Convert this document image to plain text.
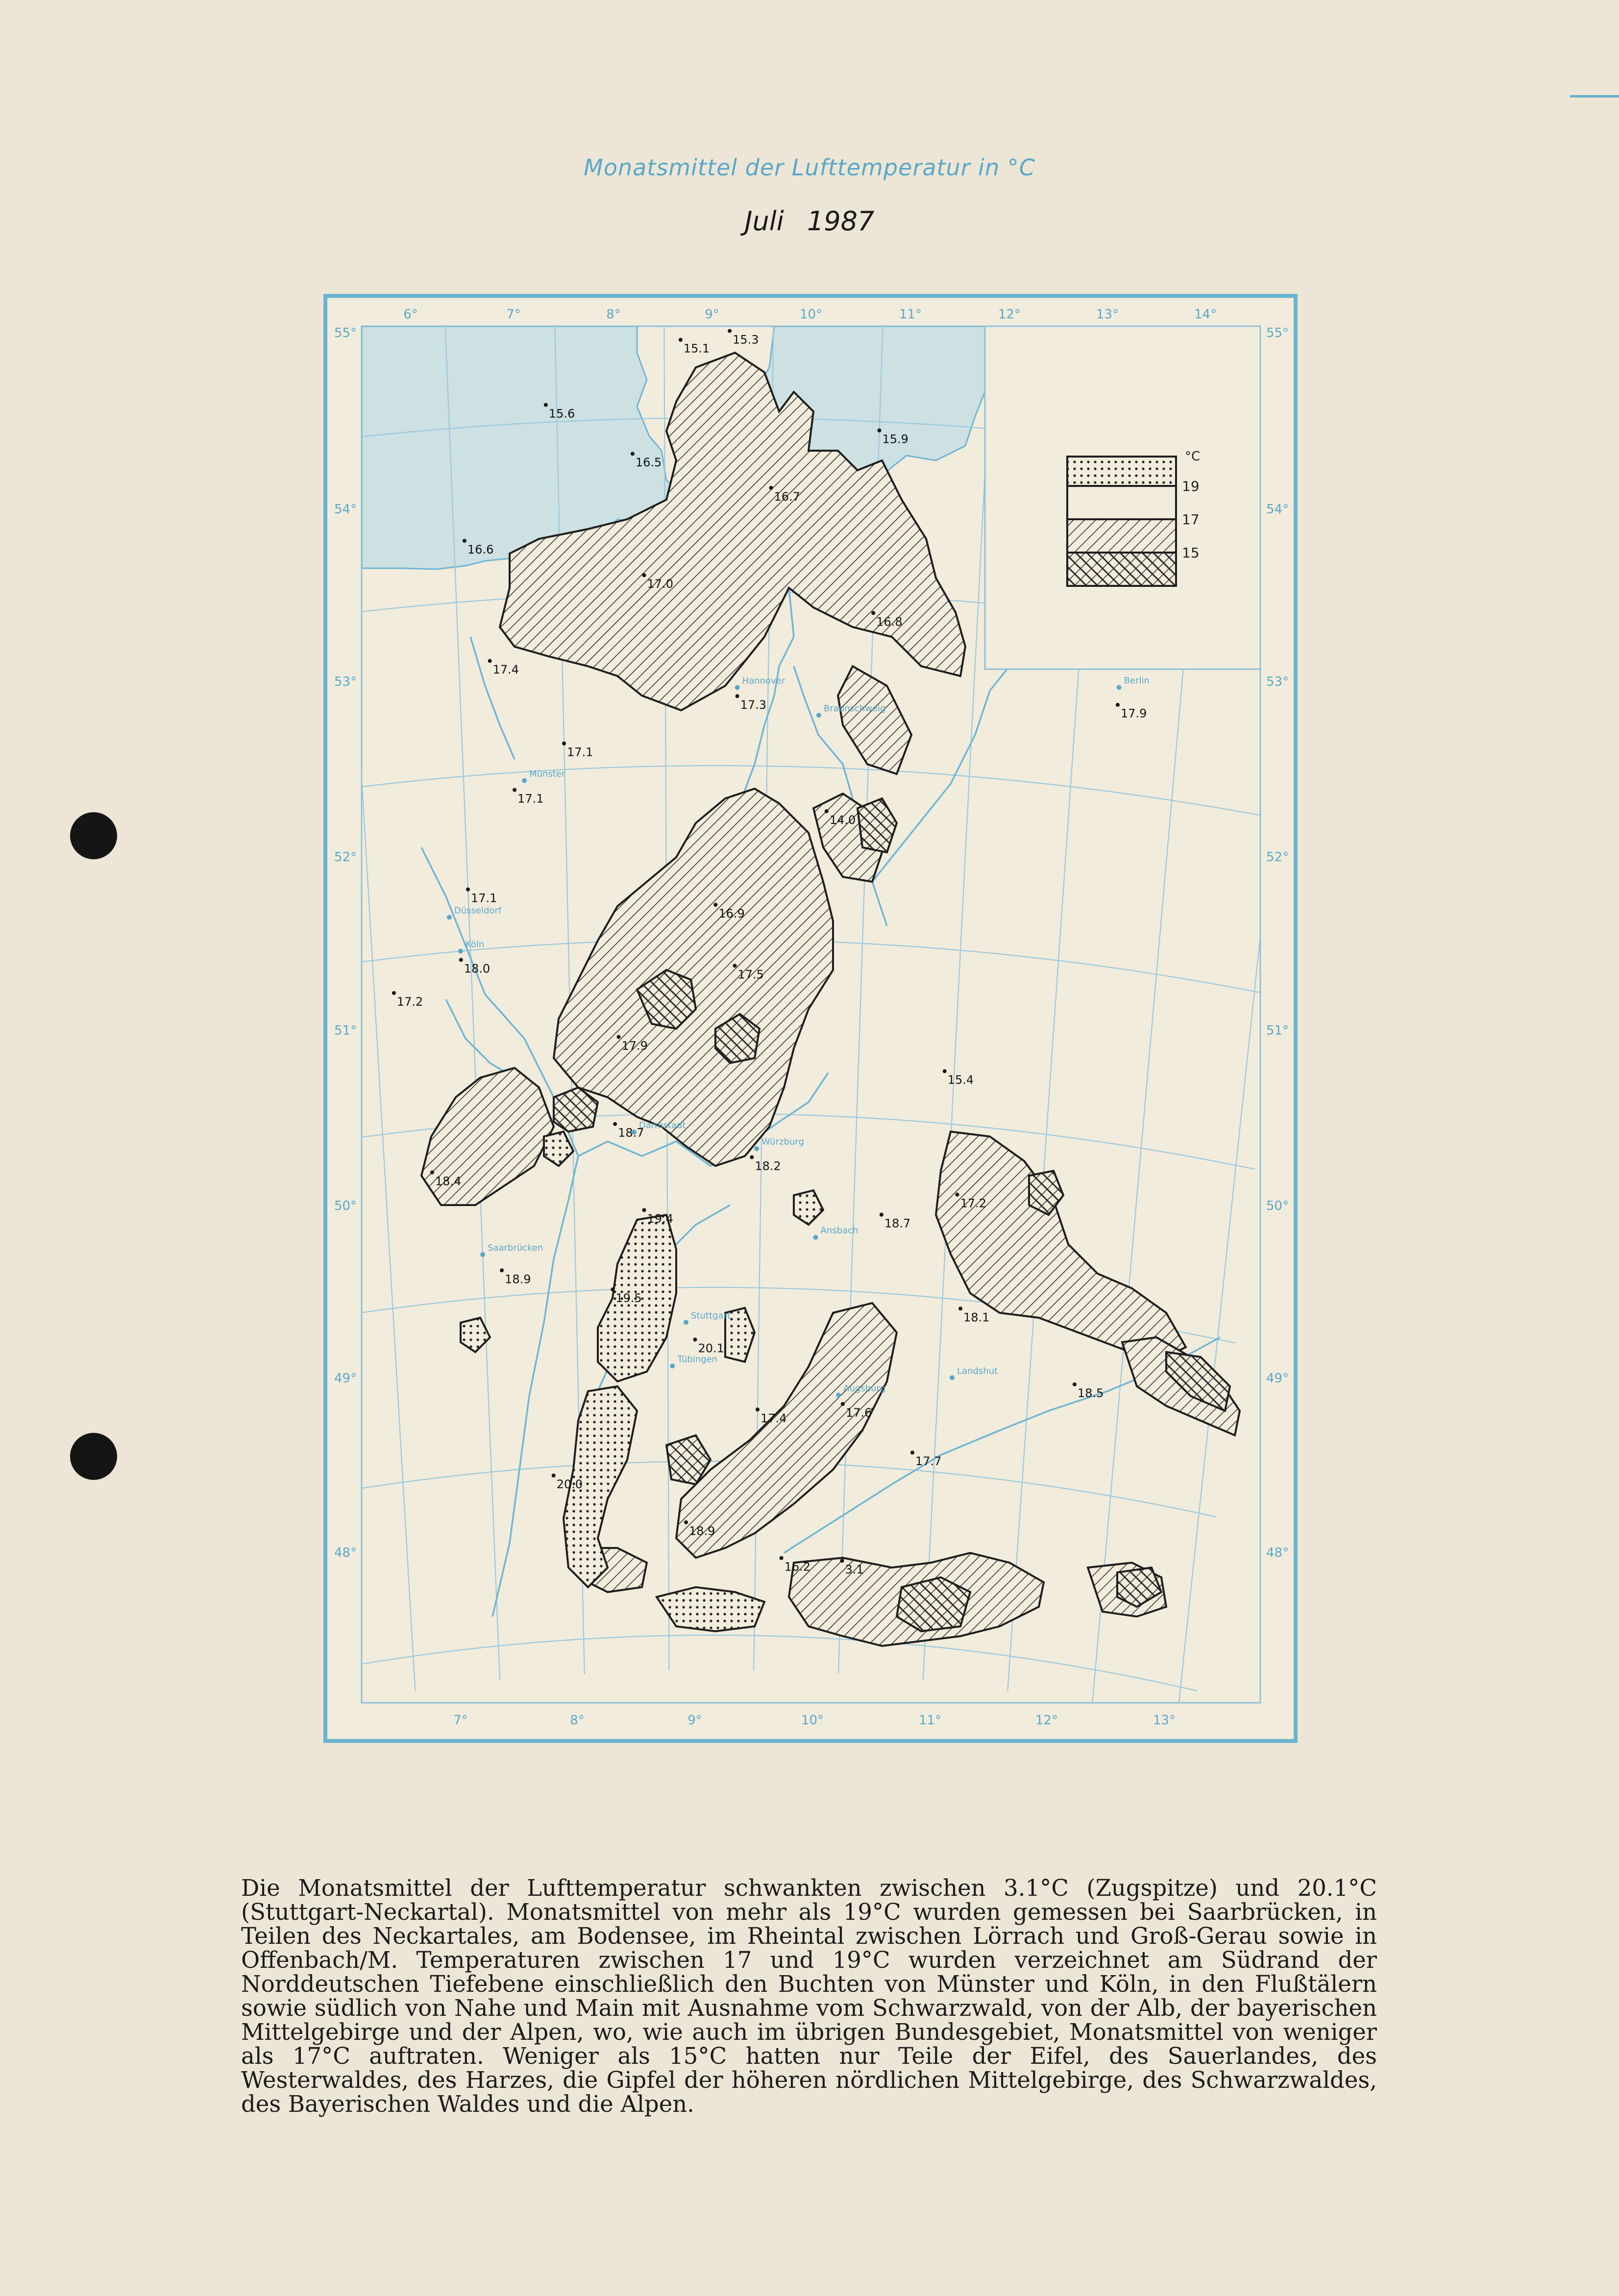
Monatsmittel der Lufttemperatur in °C
Juli 1987
°C
19
17
15
6°	7°	8°	9°	10°	11°	12°	13°	14°
7°	8°	9°	10°	11°	12°	13°
55°
54°
53°
52°
51°
50°
49°
48°
55°
54°
53°
52°
51°
50°
49°
48°
Berlin
Hannover
Braunschweig
Münster
Düsseldorf
Köln
Darmstadt
Würzburg
Saarbrücken
Ansbach
Stuttgart
Tübingen
Augsburg
Landshut
15.1
15.3
15.6
15.9
16.5
16.7
16.6
17.0
16.8
17.4
17.3
17.9
17.1
17.1
14.0
17.1
16.9
18.0
17.2
17.5
17.9
15.4
18.7
18.4
18.2
17.2
19.4	18.7
18.9
19.5
18.1
20.1
18.5
17.4	17.6
17.7
20.0
18.9
16.2	3.1
Die Monatsmittel der Lufttemperatur schwankten zwischen 3.1°C (Zugspitze) und 20.1°C (Stuttgart-Neckartal). Monatsmittel von mehr als 19°C wurden gemessen bei Saarbrücken, in Teilen des Neckartales, am Bodensee, im Rheintal zwischen Lörrach und Groß-Gerau sowie in Offenbach/M. Temperaturen zwischen 17 und 19°C wurden verzeichnet am Südrand der Norddeutschen Tiefebene einschließlich den Buchten von Münster und Köln, in den Flußtälern sowie südlich von Nahe und Main mit Ausnahme vom Schwarzwald, von der Alb, der bayerischen Mittelgebirge und der Alpen, wo, wie auch im übrigen Bundesgebiet, Monatsmittel von weniger als 17°C auftraten. Weniger als 15°C hatten nur Teile der Eifel, des Sauerlandes, des Westerwaldes, des Harzes, die Gipfel der höheren nördlichen Mittelgebirge, des Schwarzwaldes, des Bayerischen Waldes und die Alpen.
